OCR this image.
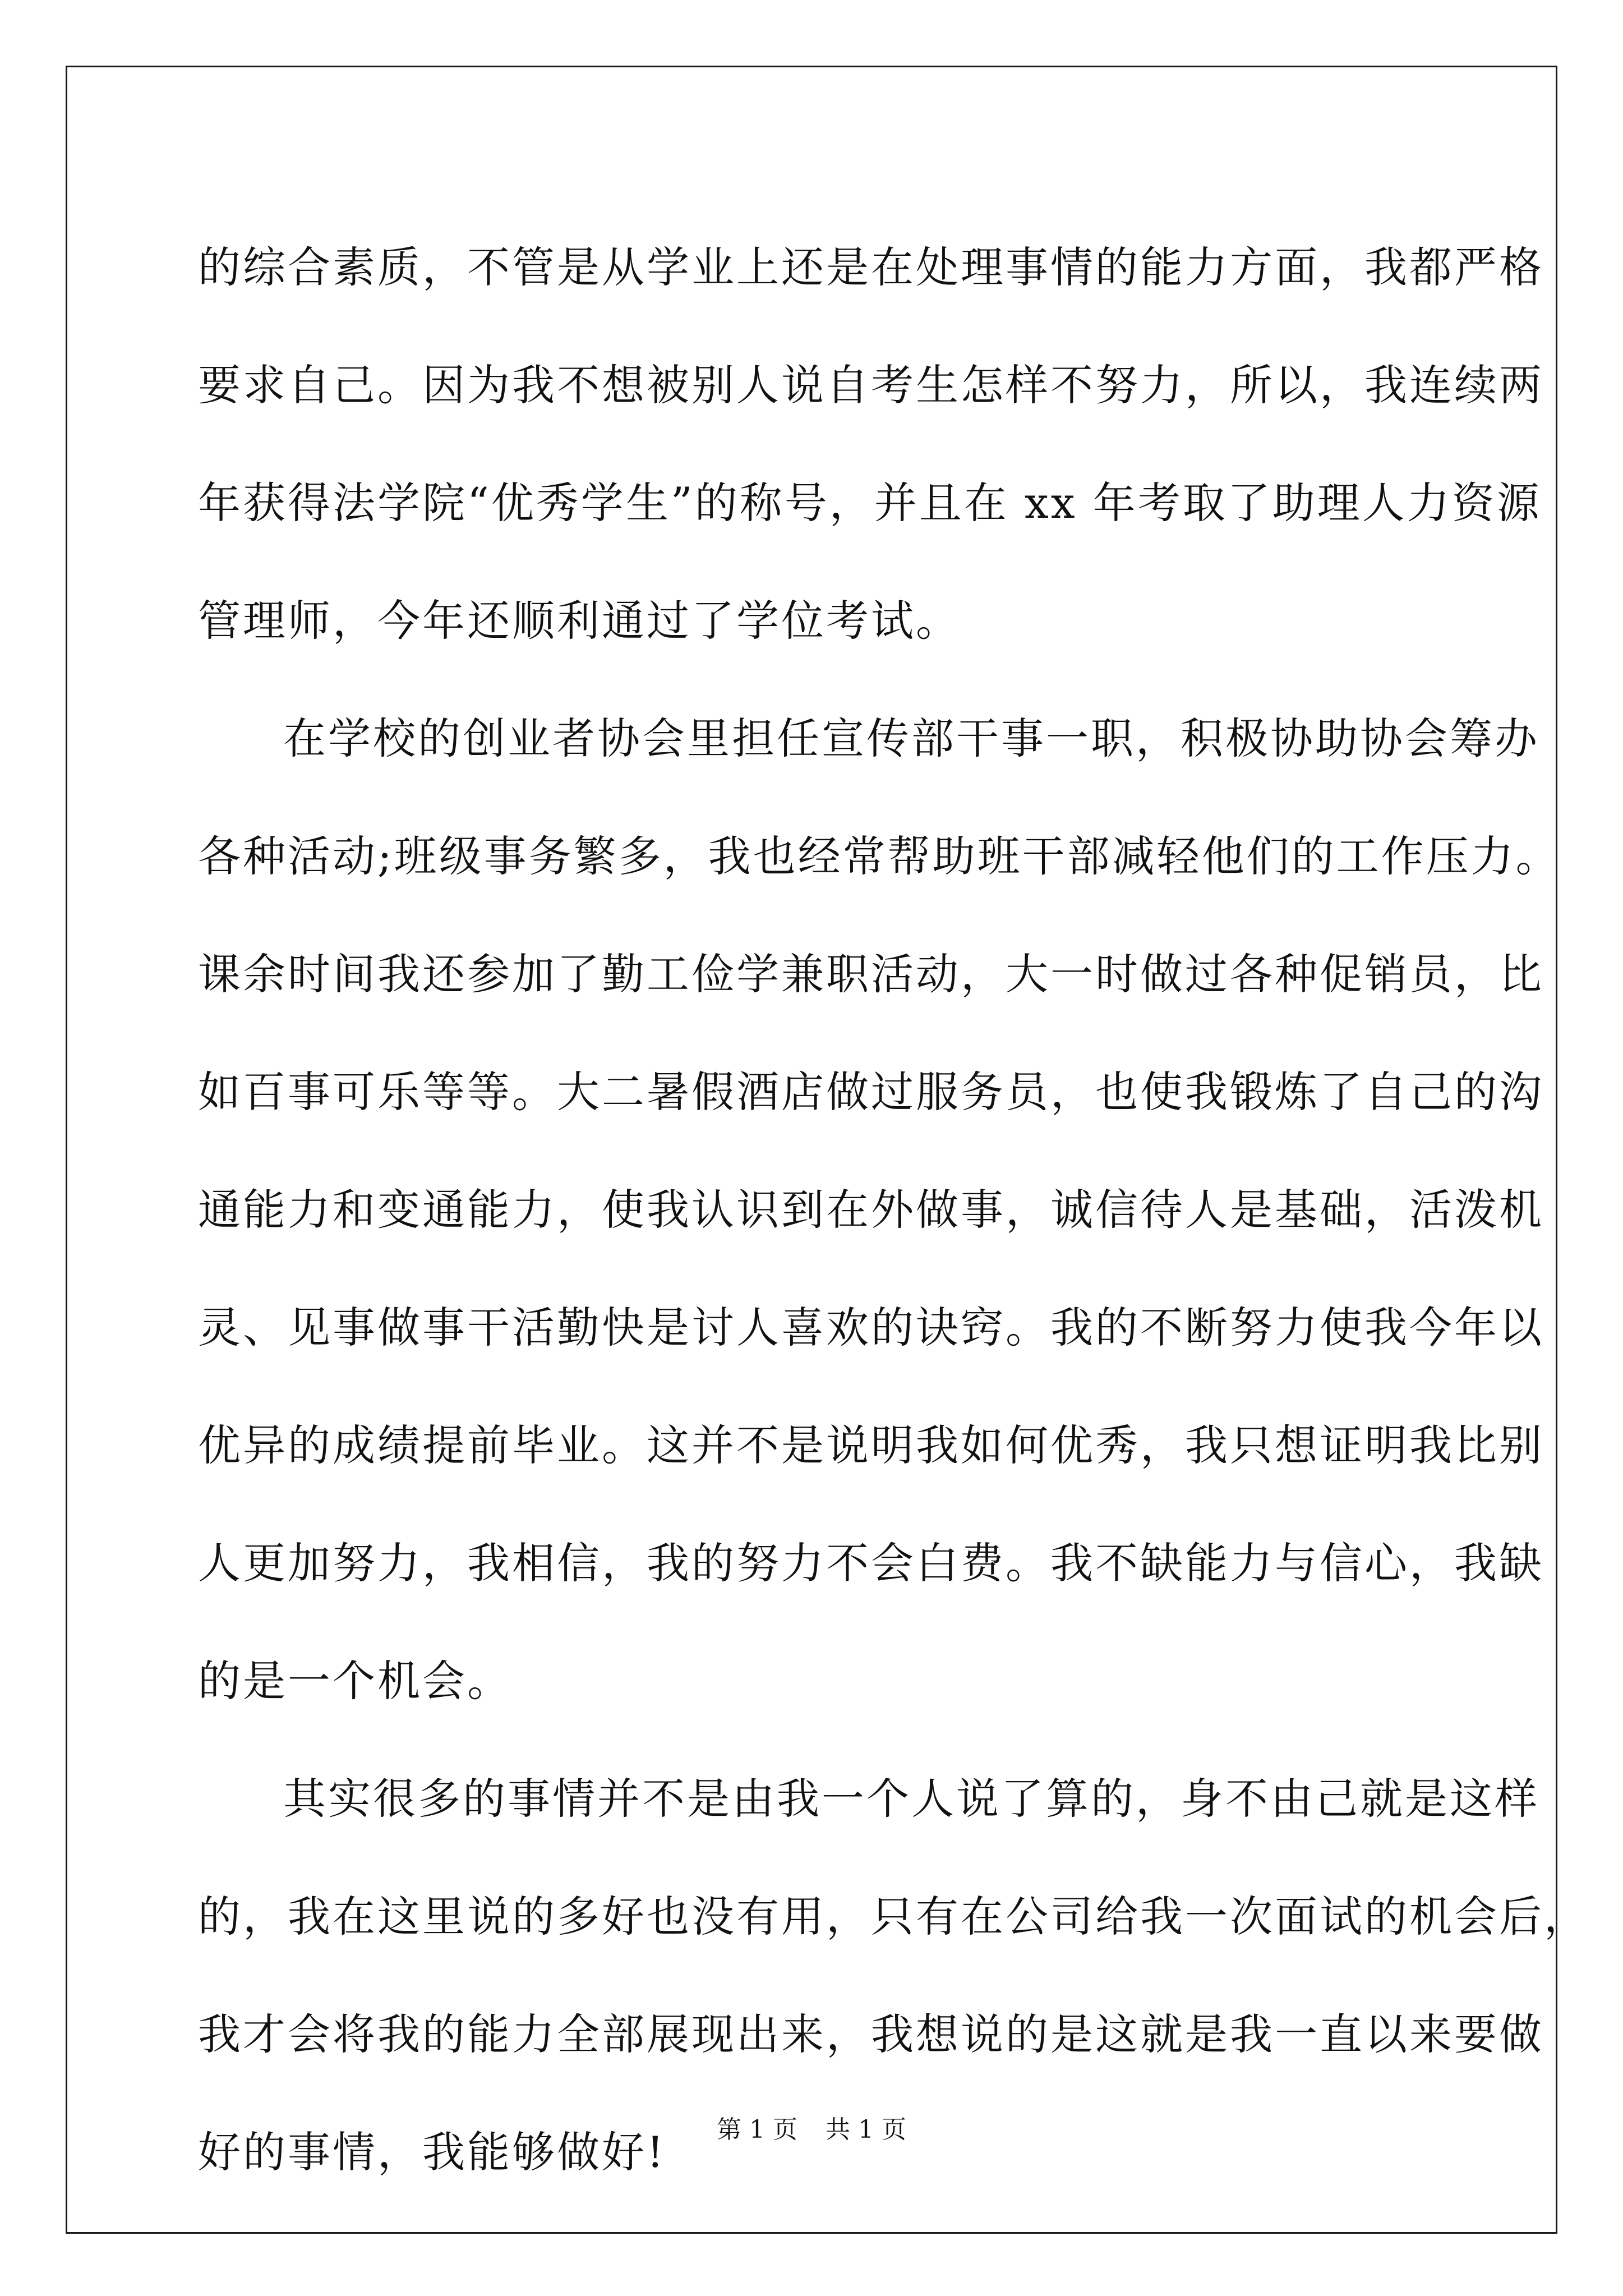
的综合素质，不管是从学业上还是在处理事情的能力方面，我都严格
要求自己。因为我不想被别人说自考生怎样不努力，所以，我连续两
年获得法学院“优秀学生”的称号，并且在 xx 年考取了助理人力资源
管理师，今年还顺利通过了学位考试。
在学校的创业者协会里担任宣传部干事一职，积极协助协会筹办
各种活动;班级事务繁多，我也经常帮助班干部减轻他们的工作压力。
课余时间我还参加了勤工俭学兼职活动，大一时做过各种促销员，比
如百事可乐等等。大二暑假酒店做过服务员，也使我锻炼了自己的沟
通能力和变通能力，使我认识到在外做事，诚信待人是基础，活泼机
灵、见事做事干活勤快是讨人喜欢的诀窍。我的不断努力使我今年以
优异的成绩提前毕业。这并不是说明我如何优秀，我只想证明我比别
人更加努力，我相信，我的努力不会白费。我不缺能力与信心，我缺
的是一个机会。
其实很多的事情并不是由我一个人说了算的，身不由己就是这样
的，我在这里说的多好也没有用，只有在公司给我一次面试的机会后，
我才会将我的能力全部展现出来，我想说的是这就是我一直以来要做
好的事情，我能够做好!	第 1 页 共 1 页
